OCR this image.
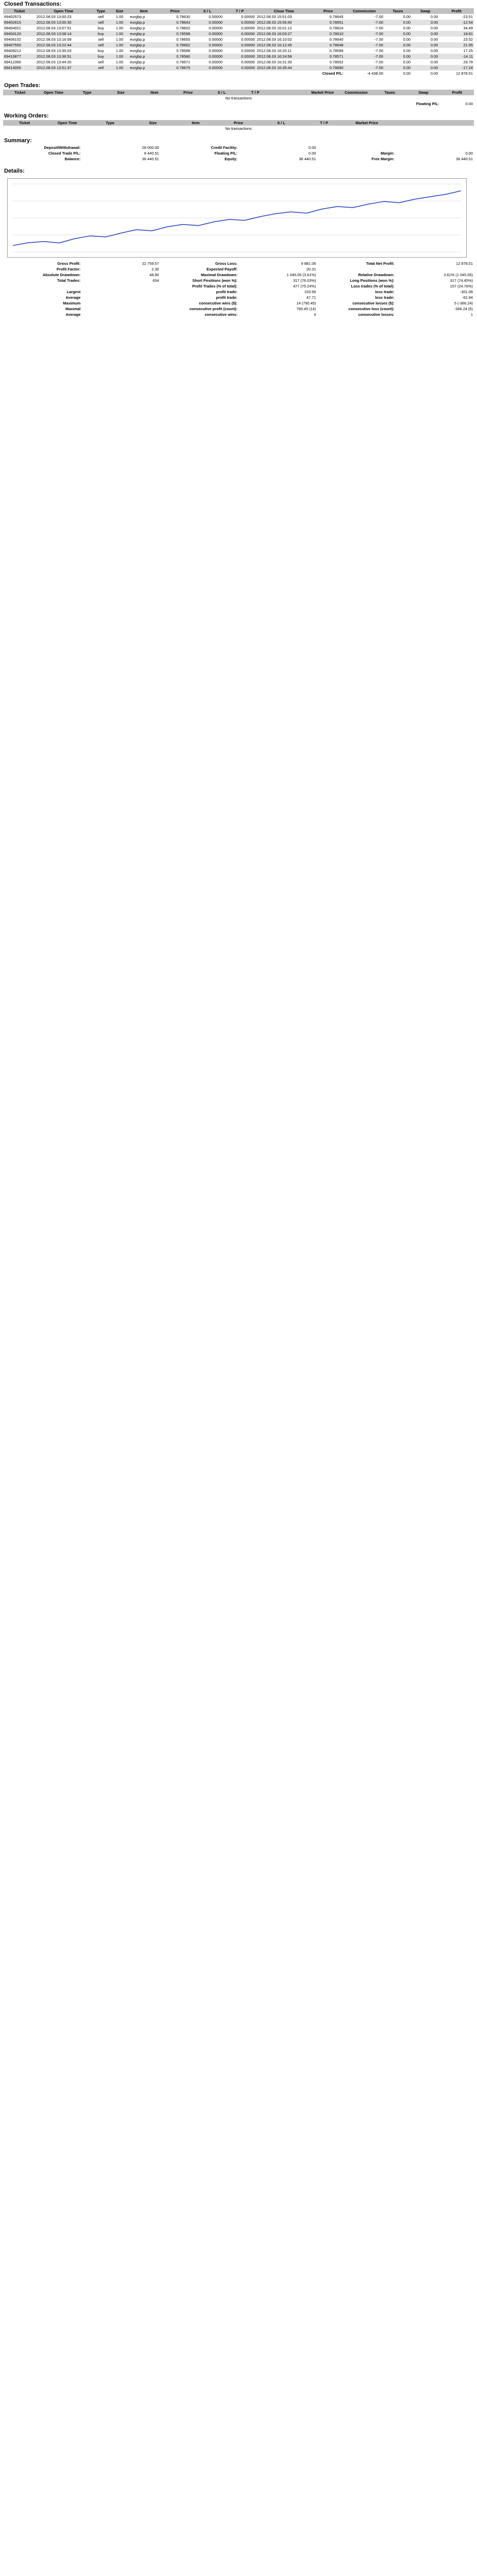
Closed Transactions:
Ticket	Open Time	Type	Size	Item	Price	S / L	T / P	Close Time	Price	Commission	Taxes	Swap	Profit
69402573	2012.08.03 13:00:23	sell	1.00	eurgbp.p	0.78630	0.00000	0.00000	2012.08.03 15:51:03	0.78645	-7.00	0.00	0.00	-23.51
69402615	2012.08.03 13:00:30	sell	1.00	eurgbp.p	0.78643	0.00000	0.00000	2012.08.03 15:55:40	0.78651	-7.00	0.00	0.00	-12.54
69404021	2012.08.03 13:07:51	buy	1.00	eurgbp.p	0.78602	0.00000	0.00000	2012.08.03 16:01:12	0.78624	-7.00	0.00	0.00	34.49
69404120	2012.08.03 13:08:14	buy	1.00	eurgbp.p	0.78598	0.00000	0.00000	2012.08.03 16:03:27	0.78610	-7.00	0.00	0.00	18.81
69406102	2012.08.03 13:16:09	sell	1.00	eurgbp.p	0.78655	0.00000	0.00000	2012.08.03 16:10:02	0.78640	-7.00	0.00	0.00	23.52
69407550	2012.08.03 13:22:44	sell	1.00	eurgbp.p	0.78662	0.00000	0.00000	2012.08.03 16:12:45	0.78648	-7.00	0.00	0.00	21.95
69409212	2012.08.03 13:30:03	buy	1.00	eurgbp.p	0.78588	0.00000	0.00000	2012.08.03 16:20:11	0.78599	-7.00	0.00	0.00	17.25
69410877	2012.08.03 13:36:51	buy	1.00	eurgbp.p	0.78580	0.00000	0.00000	2012.08.03 16:24:58	0.78571	-7.00	0.00	0.00	-14.11
69412390	2012.08.03 13:44:20	sell	1.00	eurgbp.p	0.78671	0.00000	0.00000	2012.08.03 16:31:30	0.78652	-7.00	0.00	0.00	29.78
69414005	2012.08.03 13:51:37	sell	1.00	eurgbp.p	0.78679	0.00000	0.00000	2012.08.03 16:35:44	0.78690	-7.00	0.00	0.00	-17.24
									Closed P/L:	-4 438.00	0.00	0.00	12 878.51
Open Trades:
Ticket	Open Time	Type	Size	Item	Price	S / L	T / P		Market Price	Commission	Taxes	Swap	Profit
No transactions													
												Floating P/L:	0.00
Working Orders:
Ticket	Open Time	Type	Size	Item	Price	S / L	T / P	Market Price		
No transactions
Summary:
Deposit/Withdrawal:	28 000.00	Credit Facility:	0.00		
Closed Trade P/L:	8 440.51	Floating P/L:	0.00	Margin:	0.00
Balance:	36 440.51	Equity:	36 440.51	Free Margin:	36 440.51
Details:
Gross Profit:	22 759.57	Gross Loss:	9 881.06	Total Net Profit:	12 878.51
Profit Factor:	2.30	Expected Payoff:	20.31		
Absolute Drawdown:	48.90	Maximal Drawdown:	1 045.05 (3.61%)	Relative Drawdown:	3.61% (1 045.05)
Total Trades:	634	Short Positions (won %):	317 (76.03%)	Long Positions (won %):	317 (74.45%)
		Profit Trades (% of total):	477 (75.24%)	Loss trades (% of total):	157 (24.76%)
Largest		profit trade:	153.56	loss trade:	-301.08
Average		profit trade:	47.71	loss trade:	-62.94
Maximum		consecutive wins ($):	14 (790.45)	consecutive losses ($):	5 (-366.24)
Maximal		consecutive profit (count):	790.45 (14)	consecutive loss (count):	-366.24 (5)
Average		consecutive wins:	4	consecutive losses:	1
